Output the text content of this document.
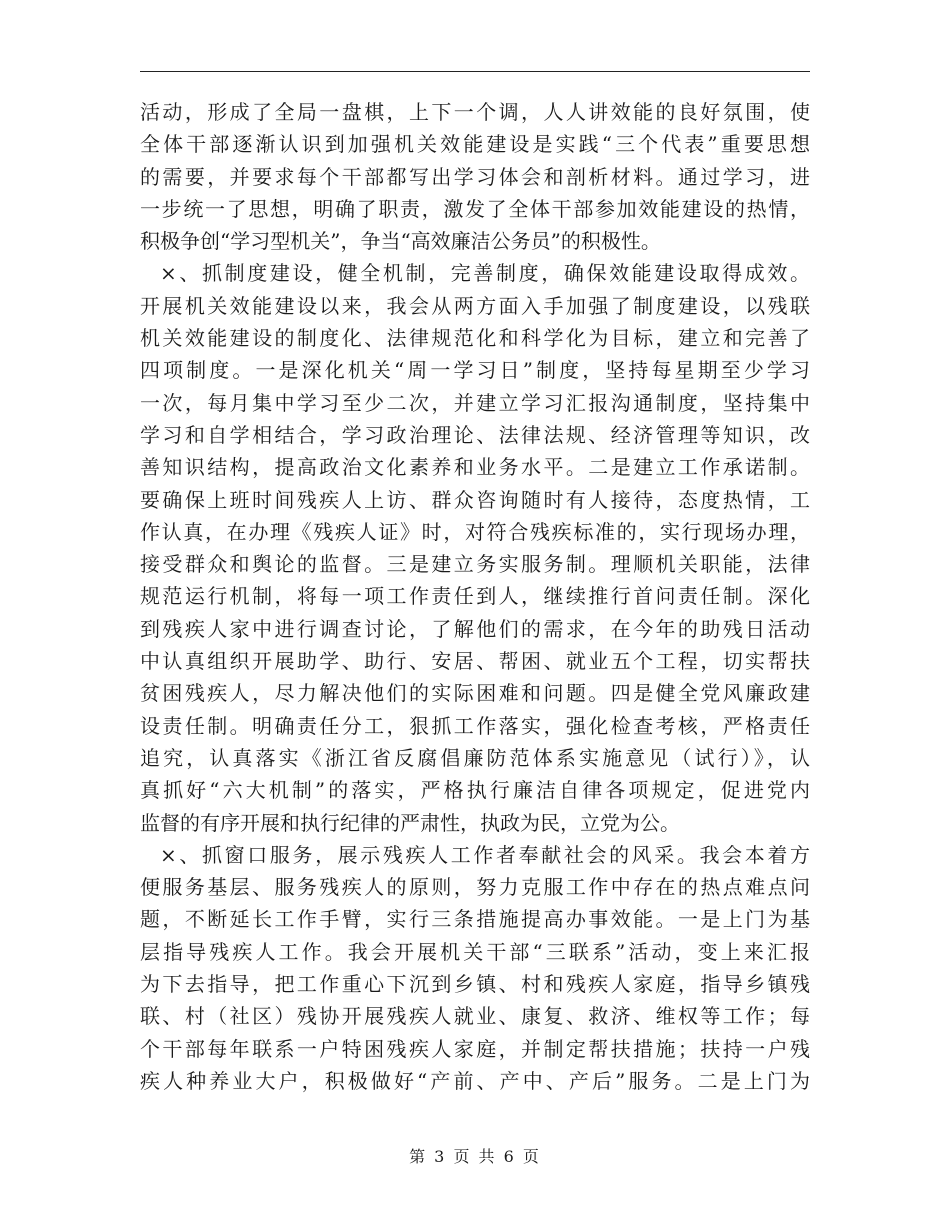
活动，形成了全局一盘棋，上下一个调，人人讲效能的良好氛围，使
全体干部逐渐认识到加强机关效能建设是实践“三个代表”重要思想
的需要，并要求每个干部都写出学习体会和剖析材料。通过学习，进
一步统一了思想，明确了职责，激发了全体干部参加效能建设的热情，
积极争创“学习型机关”，争当“高效廉洁公务员”的积极性。
×、抓制度建设，健全机制，完善制度，确保效能建设取得成效。
开展机关效能建设以来，我会从两方面入手加强了制度建设，以残联
机关效能建设的制度化、法律规范化和科学化为目标，建立和完善了
四项制度。一是深化机关“周一学习日”制度，坚持每星期至少学习
一次，每月集中学习至少二次，并建立学习汇报沟通制度，坚持集中
学习和自学相结合，学习政治理论、法律法规、经济管理等知识，改
善知识结构，提高政治文化素养和业务水平。二是建立工作承诺制。
要确保上班时间残疾人上访、群众咨询随时有人接待，态度热情，工
作认真，在办理《残疾人证》时，对符合残疾标准的，实行现场办理，
接受群众和舆论的监督。三是建立务实服务制。理顺机关职能，法律
规范运行机制，将每一项工作责任到人，继续推行首问责任制。深化
到残疾人家中进行调查讨论，了解他们的需求，在今年的助残日活动
中认真组织开展助学、助行、安居、帮困、就业五个工程，切实帮扶
贫困残疾人，尽力解决他们的实际困难和问题。四是健全党风廉政建
设责任制。明确责任分工，狠抓工作落实，强化检查考核，严格责任
追究，认真落实《浙江省反腐倡廉防范体系实施意见（试行）》，认
真抓好“六大机制”的落实，严格执行廉洁自律各项规定，促进党内
监督的有序开展和执行纪律的严肃性，执政为民，立党为公。
×、抓窗口服务，展示残疾人工作者奉献社会的风采。我会本着方
便服务基层、服务残疾人的原则，努力克服工作中存在的热点难点问
题，不断延长工作手臂，实行三条措施提高办事效能。一是上门为基
层指导残疾人工作。我会开展机关干部“三联系”活动，变上来汇报
为下去指导，把工作重心下沉到乡镇、村和残疾人家庭，指导乡镇残
联、村（社区）残协开展残疾人就业、康复、救济、维权等工作；每
个干部每年联系一户特困残疾人家庭，并制定帮扶措施；扶持一户残
疾人种养业大户，积极做好“产前、产中、产后”服务。二是上门为
第 3 页 共 6 页
